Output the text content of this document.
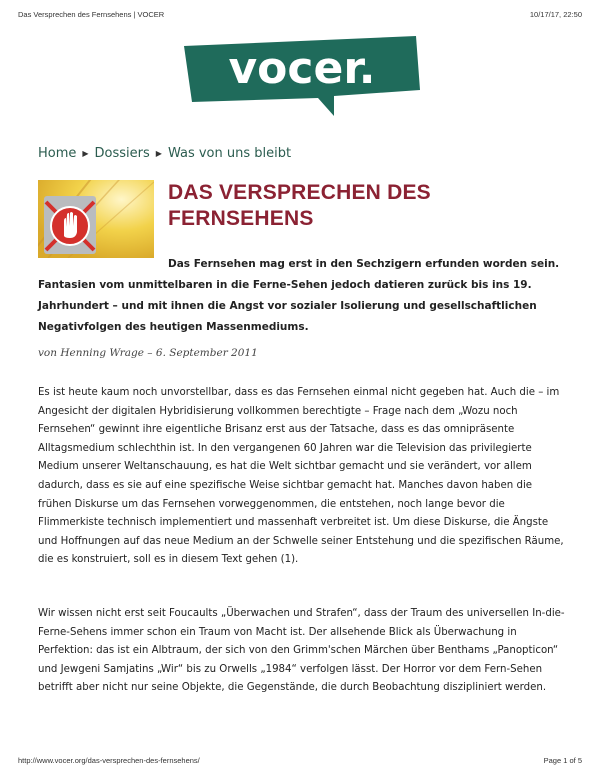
Das Versprechen des Fernsehens | VOCER	10/17/17, 22:50
vocer.
Home ▶ Dossiers ▶ Was von uns bleibt
DAS VERSPRECHEN DES FERNSEHENS

Das Fernsehen mag erst in den Sechzigern erfunden worden sein. Fantasien vom unmittelbaren in die Ferne-Sehen jedoch datieren zurück bis ins 19. Jahrhundert – und mit ihnen die Angst vor sozialer Isolierung und gesellschaftlichen Negativfolgen des heutigen Massenmediums.

von Henning Wrage – 6. September 2011

Es ist heute kaum noch unvorstellbar, dass es das Fernsehen einmal nicht gegeben hat. Auch die – im Angesicht der digitalen Hybridisierung vollkommen berechtigte – Frage nach dem „Wozu noch Fernsehen“ gewinnt ihre eigentliche Brisanz erst aus der Tatsache, dass es das omnipräsente Alltagsmedium schlechthin ist. In den vergangenen 60 Jahren war die Television das privilegierte Medium unserer Weltanschauung, es hat die Welt sichtbar gemacht und sie verändert, vor allem dadurch, dass es sie auf eine spezifische Weise sichtbar gemacht hat. Manches davon haben die frühen Diskurse um das Fernsehen vorweggenommen, die entstehen, noch lange bevor die Flimmerkiste technisch implementiert und massenhaft verbreitet ist. Um diese Diskurse, die Ängste und Hoffnungen auf das neue Medium an der Schwelle seiner Entstehung und die spezifischen Räume, die es konstruiert, soll es in diesem Text gehen (1).

Wir wissen nicht erst seit Foucaults „Überwachen und Strafen“, dass der Traum des universellen In-die-Ferne-Sehens immer schon ein Traum von Macht ist. Der allsehende Blick als Überwachung in Perfektion: das ist ein Albtraum, der sich von den Grimm'schen Märchen über Benthams „Panopticon“ und Jewgeni Samjatins „Wir“ bis zu Orwells „1984“ verfolgen lässt. Der Horror vor dem Fern-Sehen betrifft aber nicht nur seine Objekte, die Gegenstände, die durch Beobachtung diszipliniert werden.

http://www.vocer.org/das-versprechen-des-fernsehens/	Page 1 of 5
